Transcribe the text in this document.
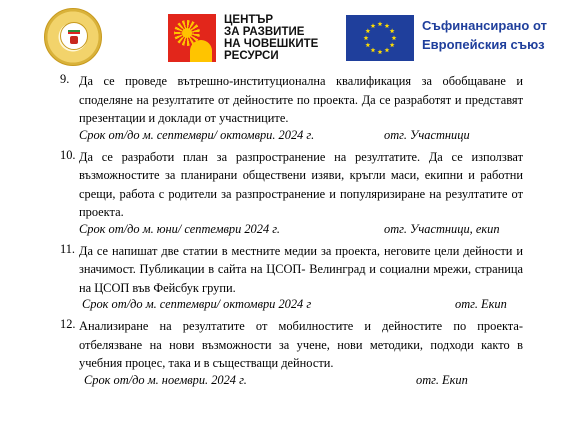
ЦЕНТЪР
ЗА РАЗВИТИЕ
НА ЧОВЕШКИТЕ
РЕСУРСИ
Съфинансирано от
Европейския съюз
9. Да се проведе вътрешно-институционална квалификация за обобщаване и споделяне на резултатите от дейностите по проекта. Да се разработят и представят презентации и доклади от участниците.
Срок от/до м. септември/ октомври. 2024 г.	отг. Участници
10. Да се разработи план за разпространение на резултатите. Да се използват възможностите за планирани обществени изяви, кръгли маси, екипни и работни срещи, работа с родители за разпространение и популяризиране на резултатите от проекта.
Срок от/до м. юни/ септември 2024 г.	отг. Участници, екип
11. Да се напишат две статии в местните медии за проекта, неговите цели дейности и значимост. Публикации в сайта на ЦСОП- Велинград и социални мрежи, страница на ЦСОП във Фейсбук групи.
Срок от/до м. септември/ октомври 2024 г	отг. Екип
12. Анализиране на резултатите от мобилностите и дейностите по проекта- отбелязване на нови възможности за учене, нови методики, подходи както в учебния процес, така и в съществащи дейности.
Срок от/до м. ноември. 2024 г.	отг. Екип
